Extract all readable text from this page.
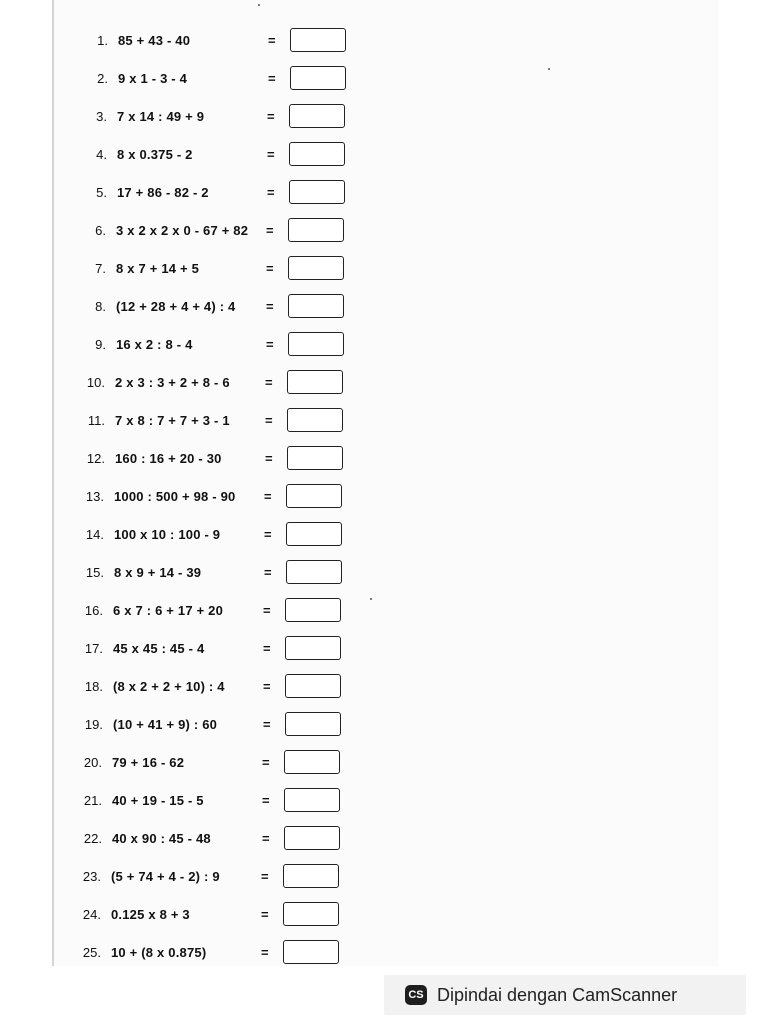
1. 85 + 43 - 40	=
2. 9 x 1 - 3 - 4	=
3. 7 x 14 : 49 + 9	=
4. 8 x 0.375 - 2	=
5. 17 + 86 - 82 - 2	=
6. 3 x 2 x 2 x 0 - 67 + 82 =
7. 8 x 7 + 14 + 5	=
8. (12 + 28 + 4 + 4) : 4 =
9. 16 x 2 : 8 - 4	=
10. 2 x 3 : 3 + 2 + 8 - 6	=
11. 7 x 8 : 7 + 7 + 3 - 1	=
12. 160 : 16 + 20 - 30	=
13. 1000 : 500 + 98 - 90 =
14. 100 x 10 : 100 - 9	=
15. 8 x 9 + 14 - 39	=
16. 6 x 7 : 6 + 17 + 20	=
17. 45 x 45 : 45 - 4	=
18. (8 x 2 + 2 + 10) : 4	=
19. (10 + 41 + 9) : 60	=
20. 79 + 16 - 62	=
21. 40 + 19 - 15 - 5	=
22. 40 x 90 : 45 - 48	=
23. (5 + 74 + 4 - 2) : 9	=
24. 0.125 x 8 + 3	=
25. 10 + (8 x 0.875)	=
CS Dipindai dengan CamScanner
